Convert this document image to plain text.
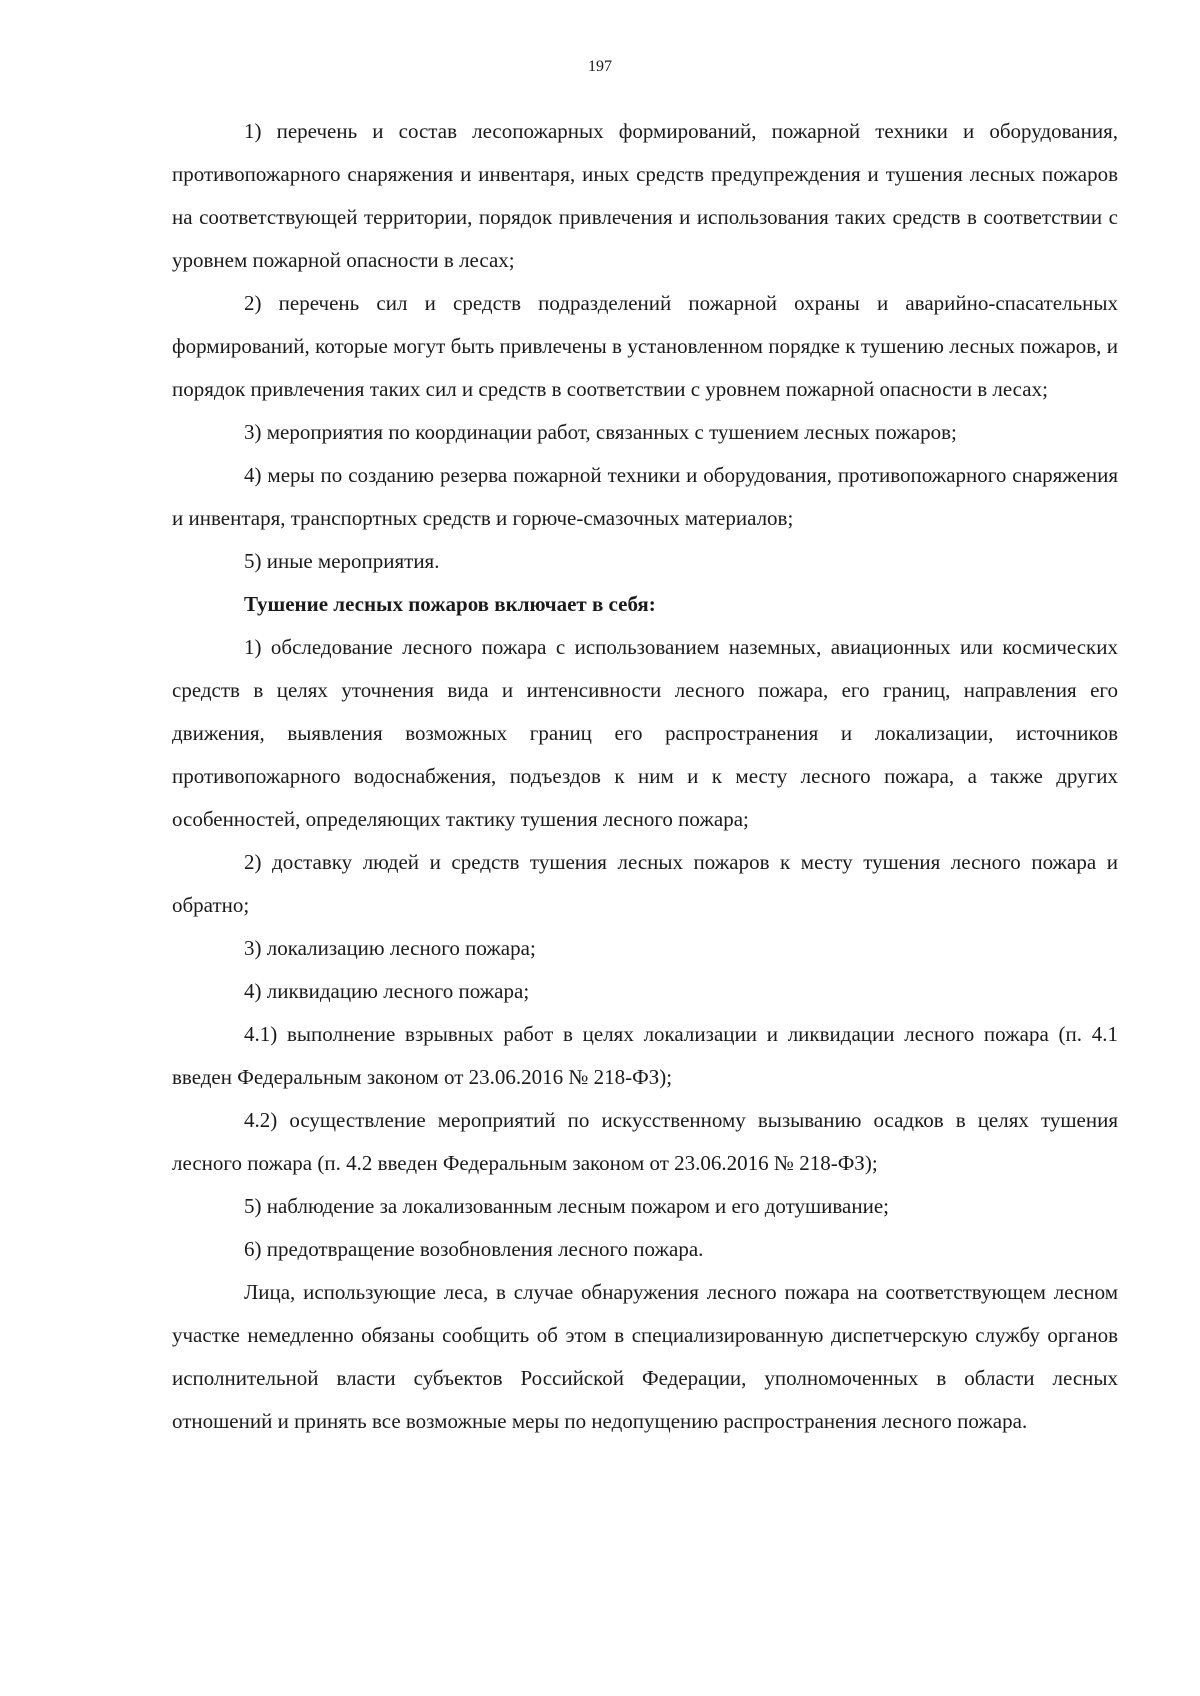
197

1) перечень и состав лесопожарных формирований, пожарной техники и оборудования, противопожарного снаряжения и инвентаря, иных средств предупреждения и тушения лесных пожаров на соответствующей территории, порядок привлечения и использования таких средств в соответствии с уровнем пожарной опасности в лесах;

2) перечень сил и средств подразделений пожарной охраны и аварийно-спасательных формирований, которые могут быть привлечены в установленном порядке к тушению лесных пожаров, и порядок привлечения таких сил и средств в соответствии с уровнем пожарной опасности в лесах;

3) мероприятия по координации работ, связанных с тушением лесных пожаров;

4) меры по созданию резерва пожарной техники и оборудования, противопожарного снаряжения и инвентаря, транспортных средств и горюче-смазочных материалов;

5) иные мероприятия.

Тушение лесных пожаров включает в себя:

1) обследование лесного пожара с использованием наземных, авиационных или космических средств в целях уточнения вида и интенсивности лесного пожара, его границ, направления его движения, выявления возможных границ его распространения и локализации, источников противопожарного водоснабжения, подъездов к ним и к месту лесного пожара, а также других особенностей, определяющих тактику тушения лесного пожара;

2) доставку людей и средств тушения лесных пожаров к месту тушения лесного пожара и обратно;

3) локализацию лесного пожара;

4) ликвидацию лесного пожара;

4.1) выполнение взрывных работ в целях локализации и ликвидации лесного пожара (п. 4.1 введен Федеральным законом от 23.06.2016 № 218-ФЗ);

4.2) осуществление мероприятий по искусственному вызыванию осадков в целях тушения лесного пожара (п. 4.2 введен Федеральным законом от 23.06.2016 № 218-ФЗ);

5) наблюдение за локализованным лесным пожаром и его дотушивание;

6) предотвращение возобновления лесного пожара.

Лица, использующие леса, в случае обнаружения лесного пожара на соответствующем лесном участке немедленно обязаны сообщить об этом в специализированную диспетчерскую службу органов исполнительной власти субъектов Российской Федерации, уполномоченных в области лесных отношений и принять все возможные меры по недопущению распространения лесного пожара.
